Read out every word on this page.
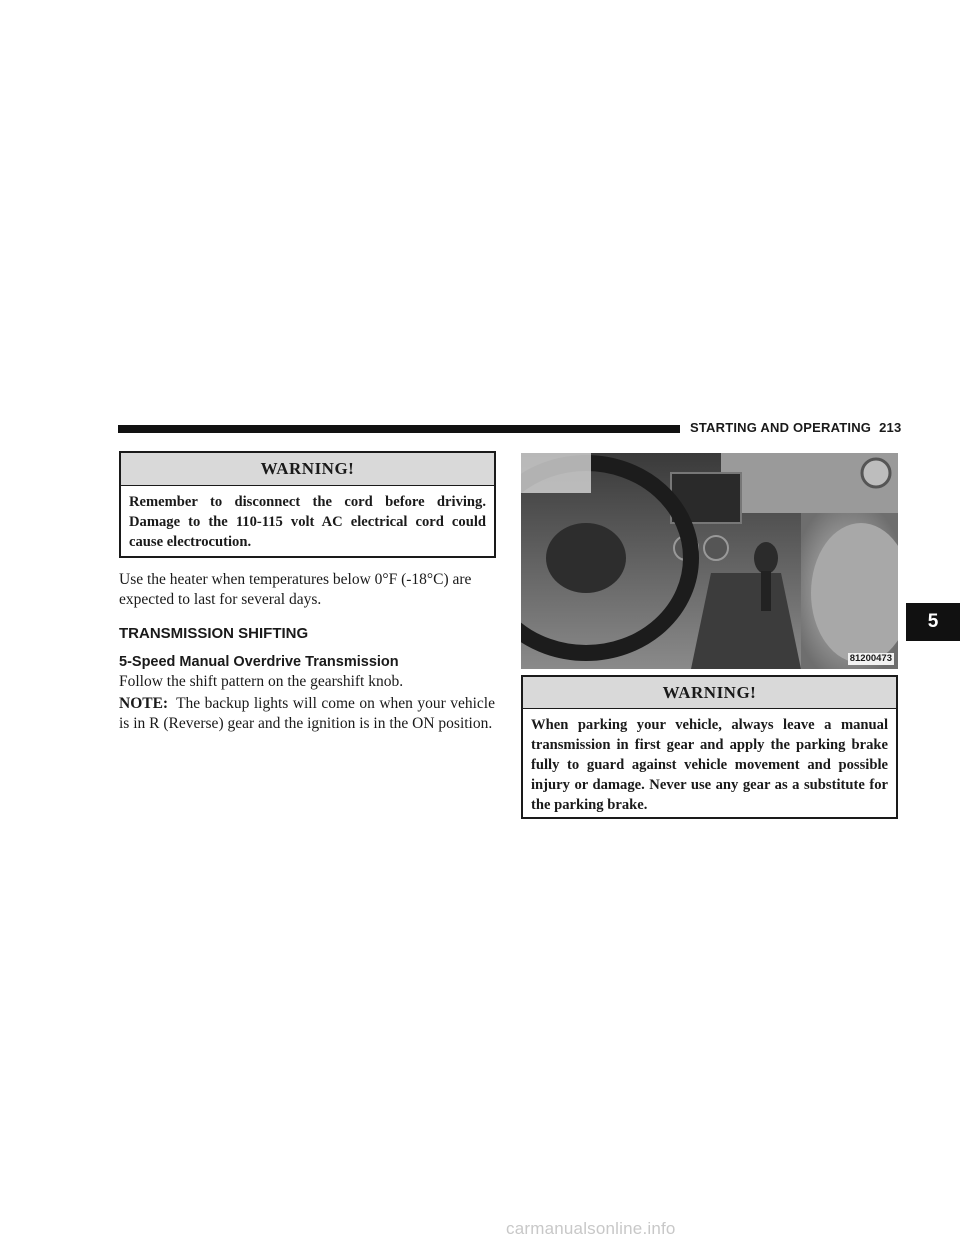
STARTING AND OPERATING 213
WARNING!
Remember to disconnect the cord before driving. Damage to the 110-115 volt AC electrical cord could cause electrocution.
Use the heater when temperatures below 0°F (-18°C) are expected to last for several days.
TRANSMISSION SHIFTING
5-Speed Manual Overdrive Transmission
Follow the shift pattern on the gearshift knob.
NOTE: The backup lights will come on when your vehicle is in R (Reverse) gear and the ignition is in the ON position.
81200473
WARNING!
When parking your vehicle, always leave a manual transmission in first gear and apply the parking brake fully to guard against vehicle movement and possible injury or damage. Never use any gear as a substitute for the parking brake.
5
carmanualsonline.info
